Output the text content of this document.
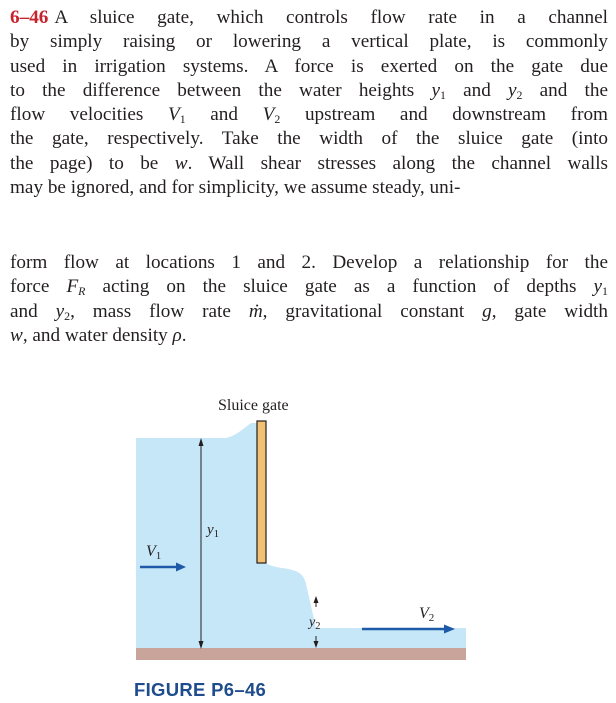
6–46 A sluice gate, which controls flow rate in a channel
by simply raising or lowering a vertical plate, is commonly
used in irrigation systems. A force is exerted on the gate due
to the difference between the water heights $y_1$ and $y_2$ and the
flow velocities $V_1$ and $V_2$ upstream and downstream from
the gate, respectively. Take the width of the sluice gate (into
the page) to be w. Wall shear stresses along the channel walls
may be ignored, and for simplicity, we assume steady, uni-
form flow at locations 1 and 2. Develop a relationship for the
force $F_R$ acting on the sluice gate as a function of depths $y_1$
and $y_2$, mass flow rate ṁ, gravitational constant g, gate width
w, and water density ρ.
$y_1$
V1
$y_2$
V2
Sluice gate
FIGURE P6–46
